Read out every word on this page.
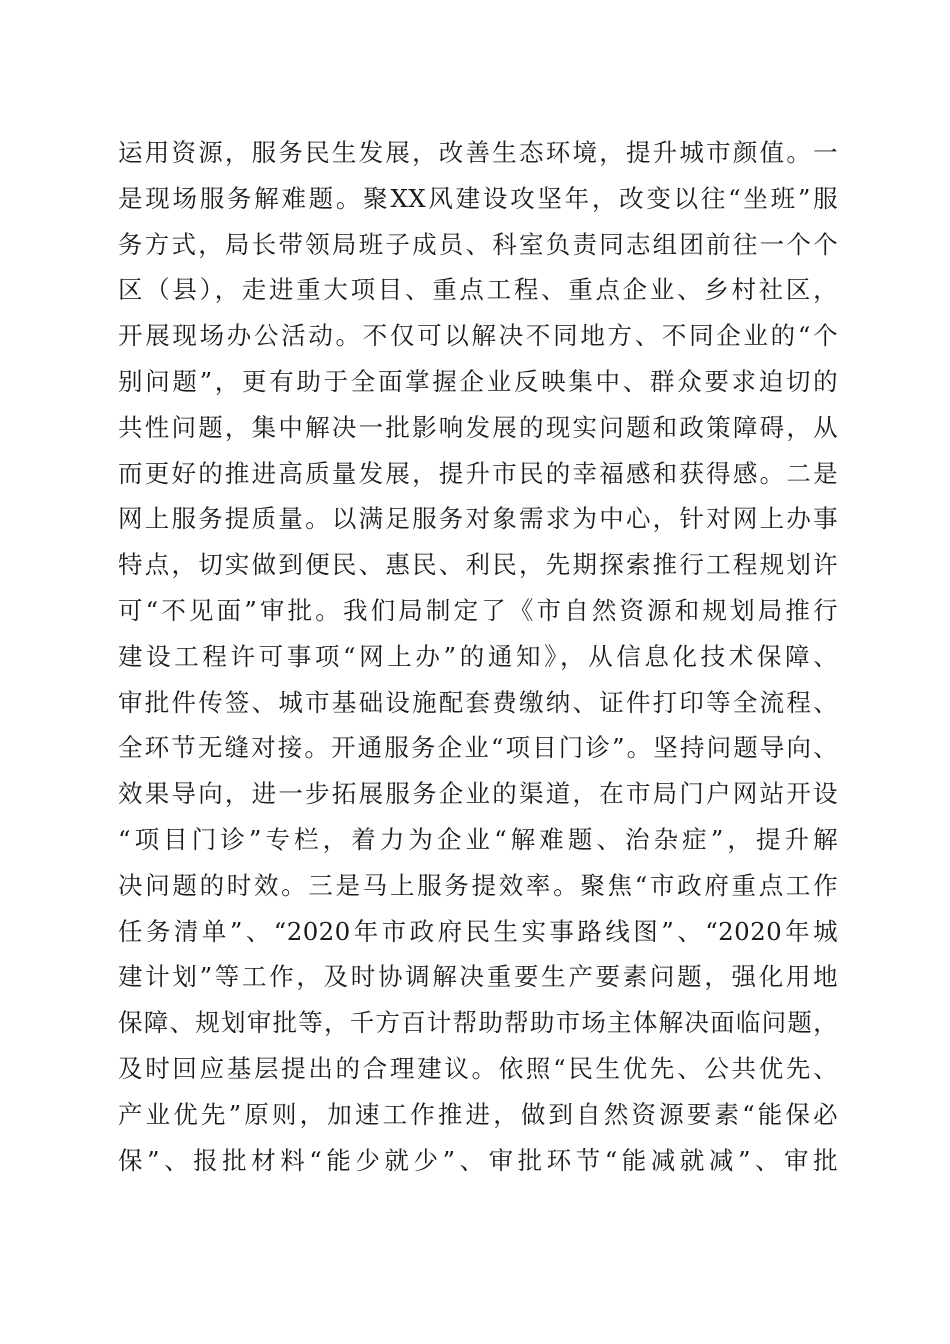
运用资源，服务民生发展，改善生态环境，提升城市颜值。一
是现场服务解难题。聚XX风建设攻坚年，改变以往“坐班”服
务方式，局长带领局班子成员、科室负责同志组团前往一个个
区（县），走进重大项目、重点工程、重点企业、乡村社区，
开展现场办公活动。不仅可以解决不同地方、不同企业的“个
别问题”，更有助于全面掌握企业反映集中、群众要求迫切的
共性问题，集中解决一批影响发展的现实问题和政策障碍，从
而更好的推进高质量发展，提升市民的幸福感和获得感。二是
网上服务提质量。以满足服务对象需求为中心，针对网上办事
特点，切实做到便民、惠民、利民，先期探索推行工程规划许
可“不见面”审批。我们局制定了《市自然资源和规划局推行
建设工程许可事项“网上办”的通知》，从信息化技术保障、
审批件传签、城市基础设施配套费缴纳、证件打印等全流程、
全环节无缝对接。开通服务企业“项目门诊”。坚持问题导向、
效果导向，进一步拓展服务企业的渠道，在市局门户网站开设
“项目门诊”专栏，着力为企业“解难题、治杂症”，提升解
决问题的时效。三是马上服务提效率。聚焦“市政府重点工作
任务清单”、“2020年市政府民生实事路线图”、“2020年城
建计划”等工作，及时协调解决重要生产要素问题，强化用地
保障、规划审批等，千方百计帮助帮助市场主体解决面临问题，
及时回应基层提出的合理建议。依照“民生优先、公共优先、
产业优先”原则，加速工作推进，做到自然资源要素“能保必
保”、报批材料“能少就少”、审批环节“能减就减”、审批
